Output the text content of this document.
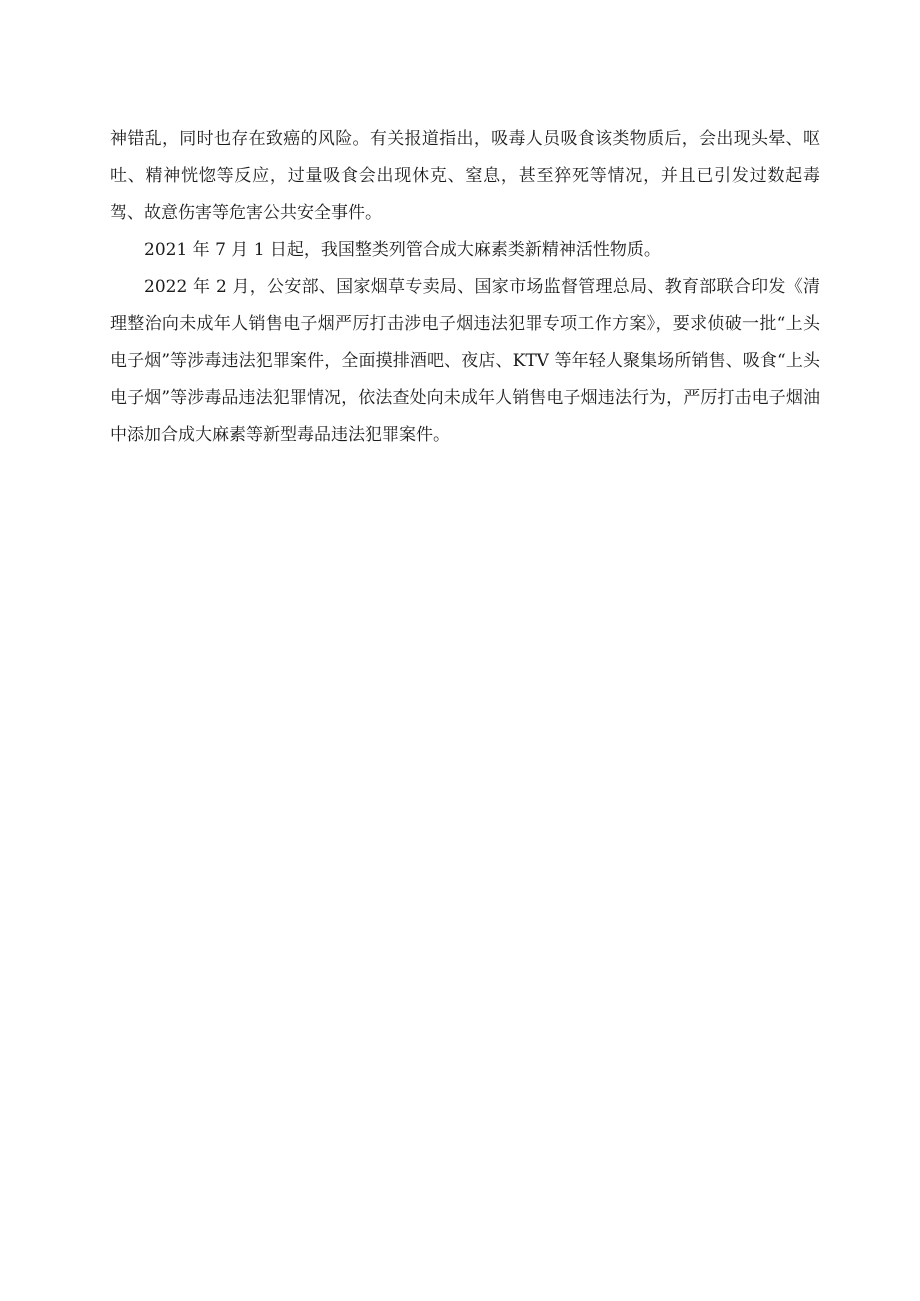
神错乱，同时也存在致癌的风险。有关报道指出，吸毒人员吸食该类物质后，会出现头晕、呕吐、精神恍惚等反应，过量吸食会出现休克、窒息，甚至猝死等情况，并且已引发过数起毒驾、故意伤害等危害公共安全事件。

2021 年 7 月 1 日起，我国整类列管合成大麻素类新精神活性物质。

2022 年 2 月，公安部、国家烟草专卖局、国家市场监督管理总局、教育部联合印发《清理整治向未成年人销售电子烟严厉打击涉电子烟违法犯罪专项工作方案》，要求侦破一批“上头电子烟”等涉毒违法犯罪案件，全面摸排酒吧、夜店、KTV 等年轻人聚集场所销售、吸食“上头电子烟”等涉毒品违法犯罪情况，依法查处向未成年人销售电子烟违法行为，严厉打击电子烟油中添加合成大麻素等新型毒品违法犯罪案件。
